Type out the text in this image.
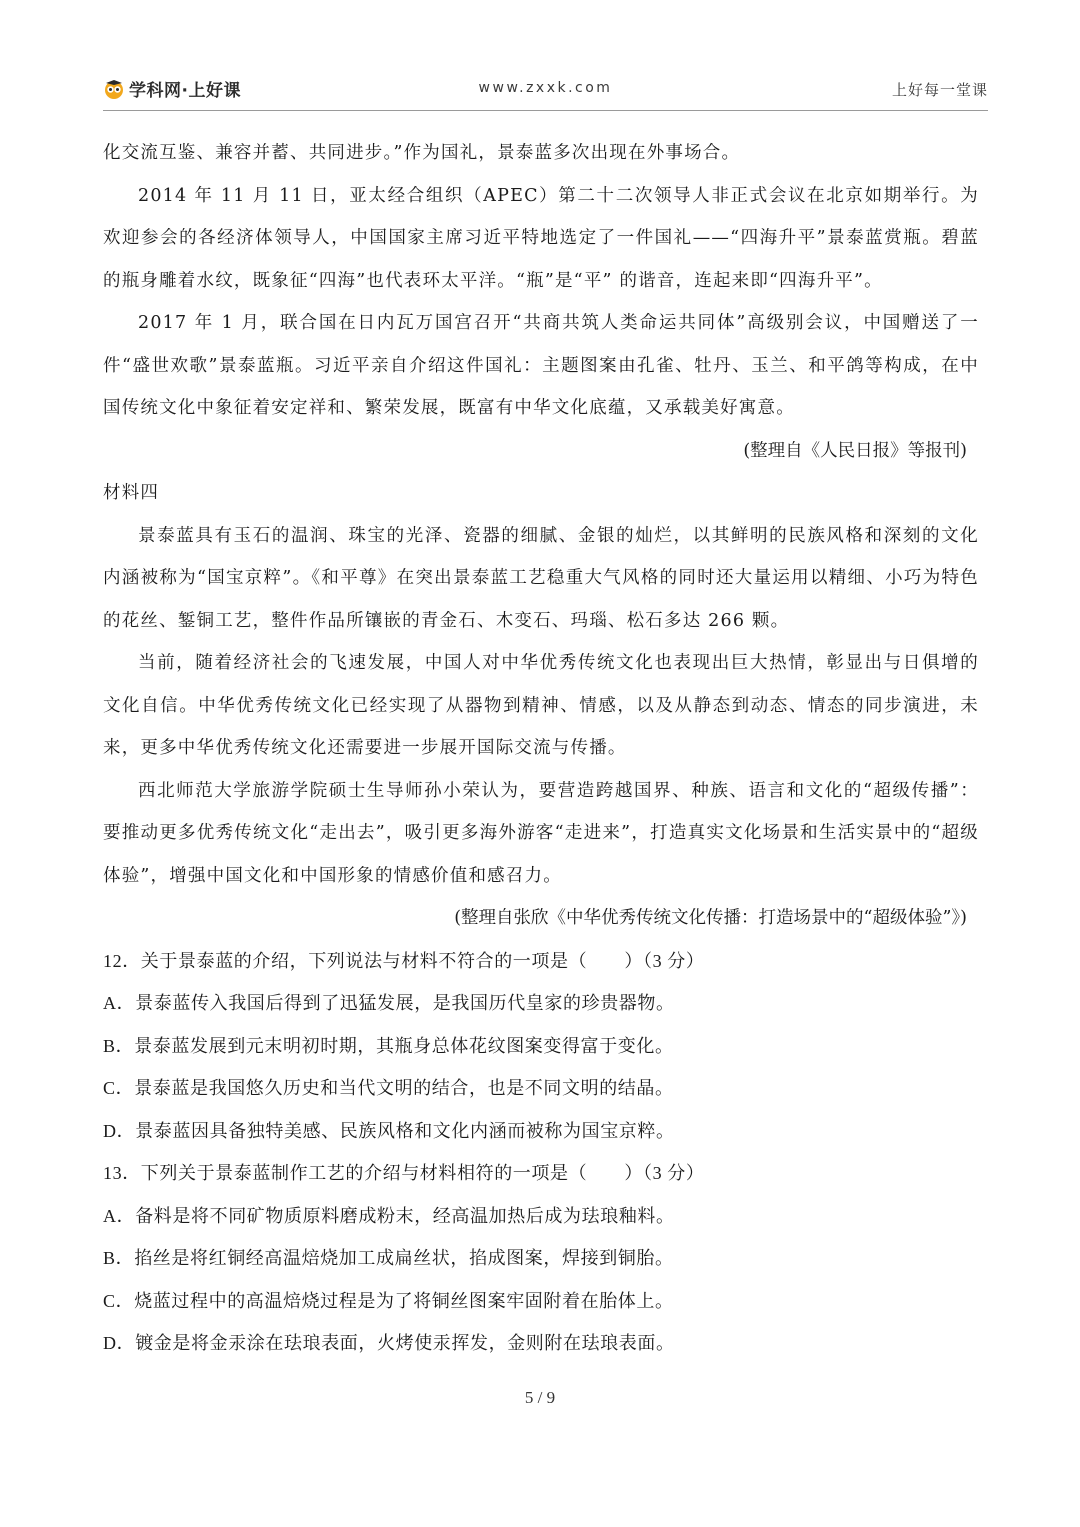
学科网·上好课	www.zxxk.com	上好每一堂课

化交流互鉴、兼容并蓄、共同进步。”作为国礼，景泰蓝多次出现在外事场合。

2014 年 11 月 11 日，亚太经合组织（APEC）第二十二次领导人非正式会议在北京如期举行。为欢迎参会的各经济体领导人，中国国家主席习近平特地选定了一件国礼——“四海升平”景泰蓝赏瓶。碧蓝的瓶身雕着水纹，既象征“四海”也代表环太平洋。“瓶”是“平” 的谐音，连起来即“四海升平”。

2017 年 1 月，联合国在日内瓦万国宫召开“共商共筑人类命运共同体”高级别会议，中国赠送了一件“盛世欢歌”景泰蓝瓶。习近平亲自介绍这件国礼：主题图案由孔雀、牡丹、玉兰、和平鸽等构成，在中国传统文化中象征着安定祥和、繁荣发展，既富有中华文化底蕴，又承载美好寓意。

(整理自《人民日报》等报刊)

材料四

景泰蓝具有玉石的温润、珠宝的光泽、瓷器的细腻、金银的灿烂，以其鲜明的民族风格和深刻的文化内涵被称为“国宝京粹”。《和平尊》在突出景泰蓝工艺稳重大气风格的同时还大量运用以精细、小巧为特色的花丝、錾铜工艺，整件作品所镶嵌的青金石、木变石、玛瑙、松石多达 266 颗。

当前，随着经济社会的飞速发展，中国人对中华优秀传统文化也表现出巨大热情，彰显出与日俱增的文化自信。中华优秀传统文化已经实现了从器物到精神、情感，以及从静态到动态、情态的同步演进，未来，更多中华优秀传统文化还需要进一步展开国际交流与传播。

西北师范大学旅游学院硕士生导师孙小荣认为，要营造跨越国界、种族、语言和文化的“超级传播”：要推动更多优秀传统文化“走出去”，吸引更多海外游客“走进来”，打造真实文化场景和生活实景中的“超级体验”，增强中国文化和中国形象的情感价值和感召力。

(整理自张欣《中华优秀传统文化传播：打造场景中的“超级体验”》)

12．关于景泰蓝的介绍，下列说法与材料不符合的一项是（　　）（3 分）

A．景泰蓝传入我国后得到了迅猛发展，是我国历代皇家的珍贵器物。

B．景泰蓝发展到元末明初时期，其瓶身总体花纹图案变得富于变化。

C．景泰蓝是我国悠久历史和当代文明的结合，也是不同文明的结晶。

D．景泰蓝因具备独特美感、民族风格和文化内涵而被称为国宝京粹。

13．下列关于景泰蓝制作工艺的介绍与材料相符的一项是（　　）（3 分）

A．备料是将不同矿物质原料磨成粉末，经高温加热后成为珐琅釉料。

B．掐丝是将红铜经高温焙烧加工成扁丝状，掐成图案，焊接到铜胎。

C．烧蓝过程中的高温焙烧过程是为了将铜丝图案牢固附着在胎体上。

D．镀金是将金汞涂在珐琅表面，火烤使汞挥发，金则附在珐琅表面。

5 / 9
